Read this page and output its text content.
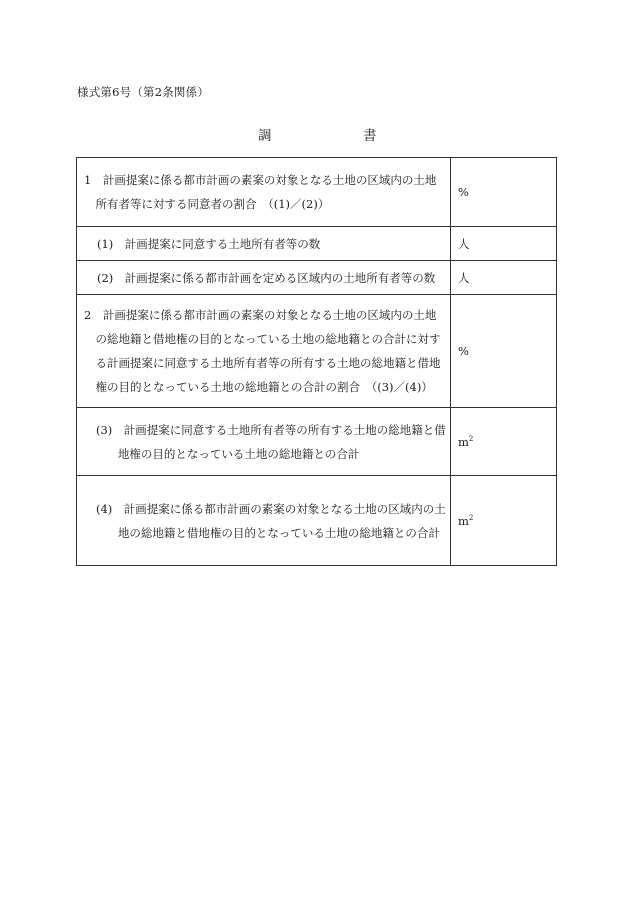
様式第6号（第2条関係）
調	書
1　計画提案に係る都市計画の素案の対象となる土地の区域内の土地所有者等に対する同意者の割合　（(1)／(2)）	%

(1)　計画提案に同意する土地所有者等の数	人

(2)　計画提案に係る都市計画を定める区域内の土地所有者等の数	人

2　計画提案に係る都市計画の素案の対象となる土地の区域内の土地の総地籍と借地権の目的となっている土地の総地籍との合計に対する計画提案に同意する土地所有者等の所有する土地の総地籍と借地権の目的となっている土地の総地籍との合計の割合　（(3)／(4)）	%

(3)　計画提案に同意する土地所有者等の所有する土地の総地籍と借地権の目的となっている土地の総地籍との合計	$m^2$

(4)　計画提案に係る都市計画の素案の対象となる土地の区域内の土地の総地籍と借地権の目的となっている土地の総地籍との合計	$m^2$
